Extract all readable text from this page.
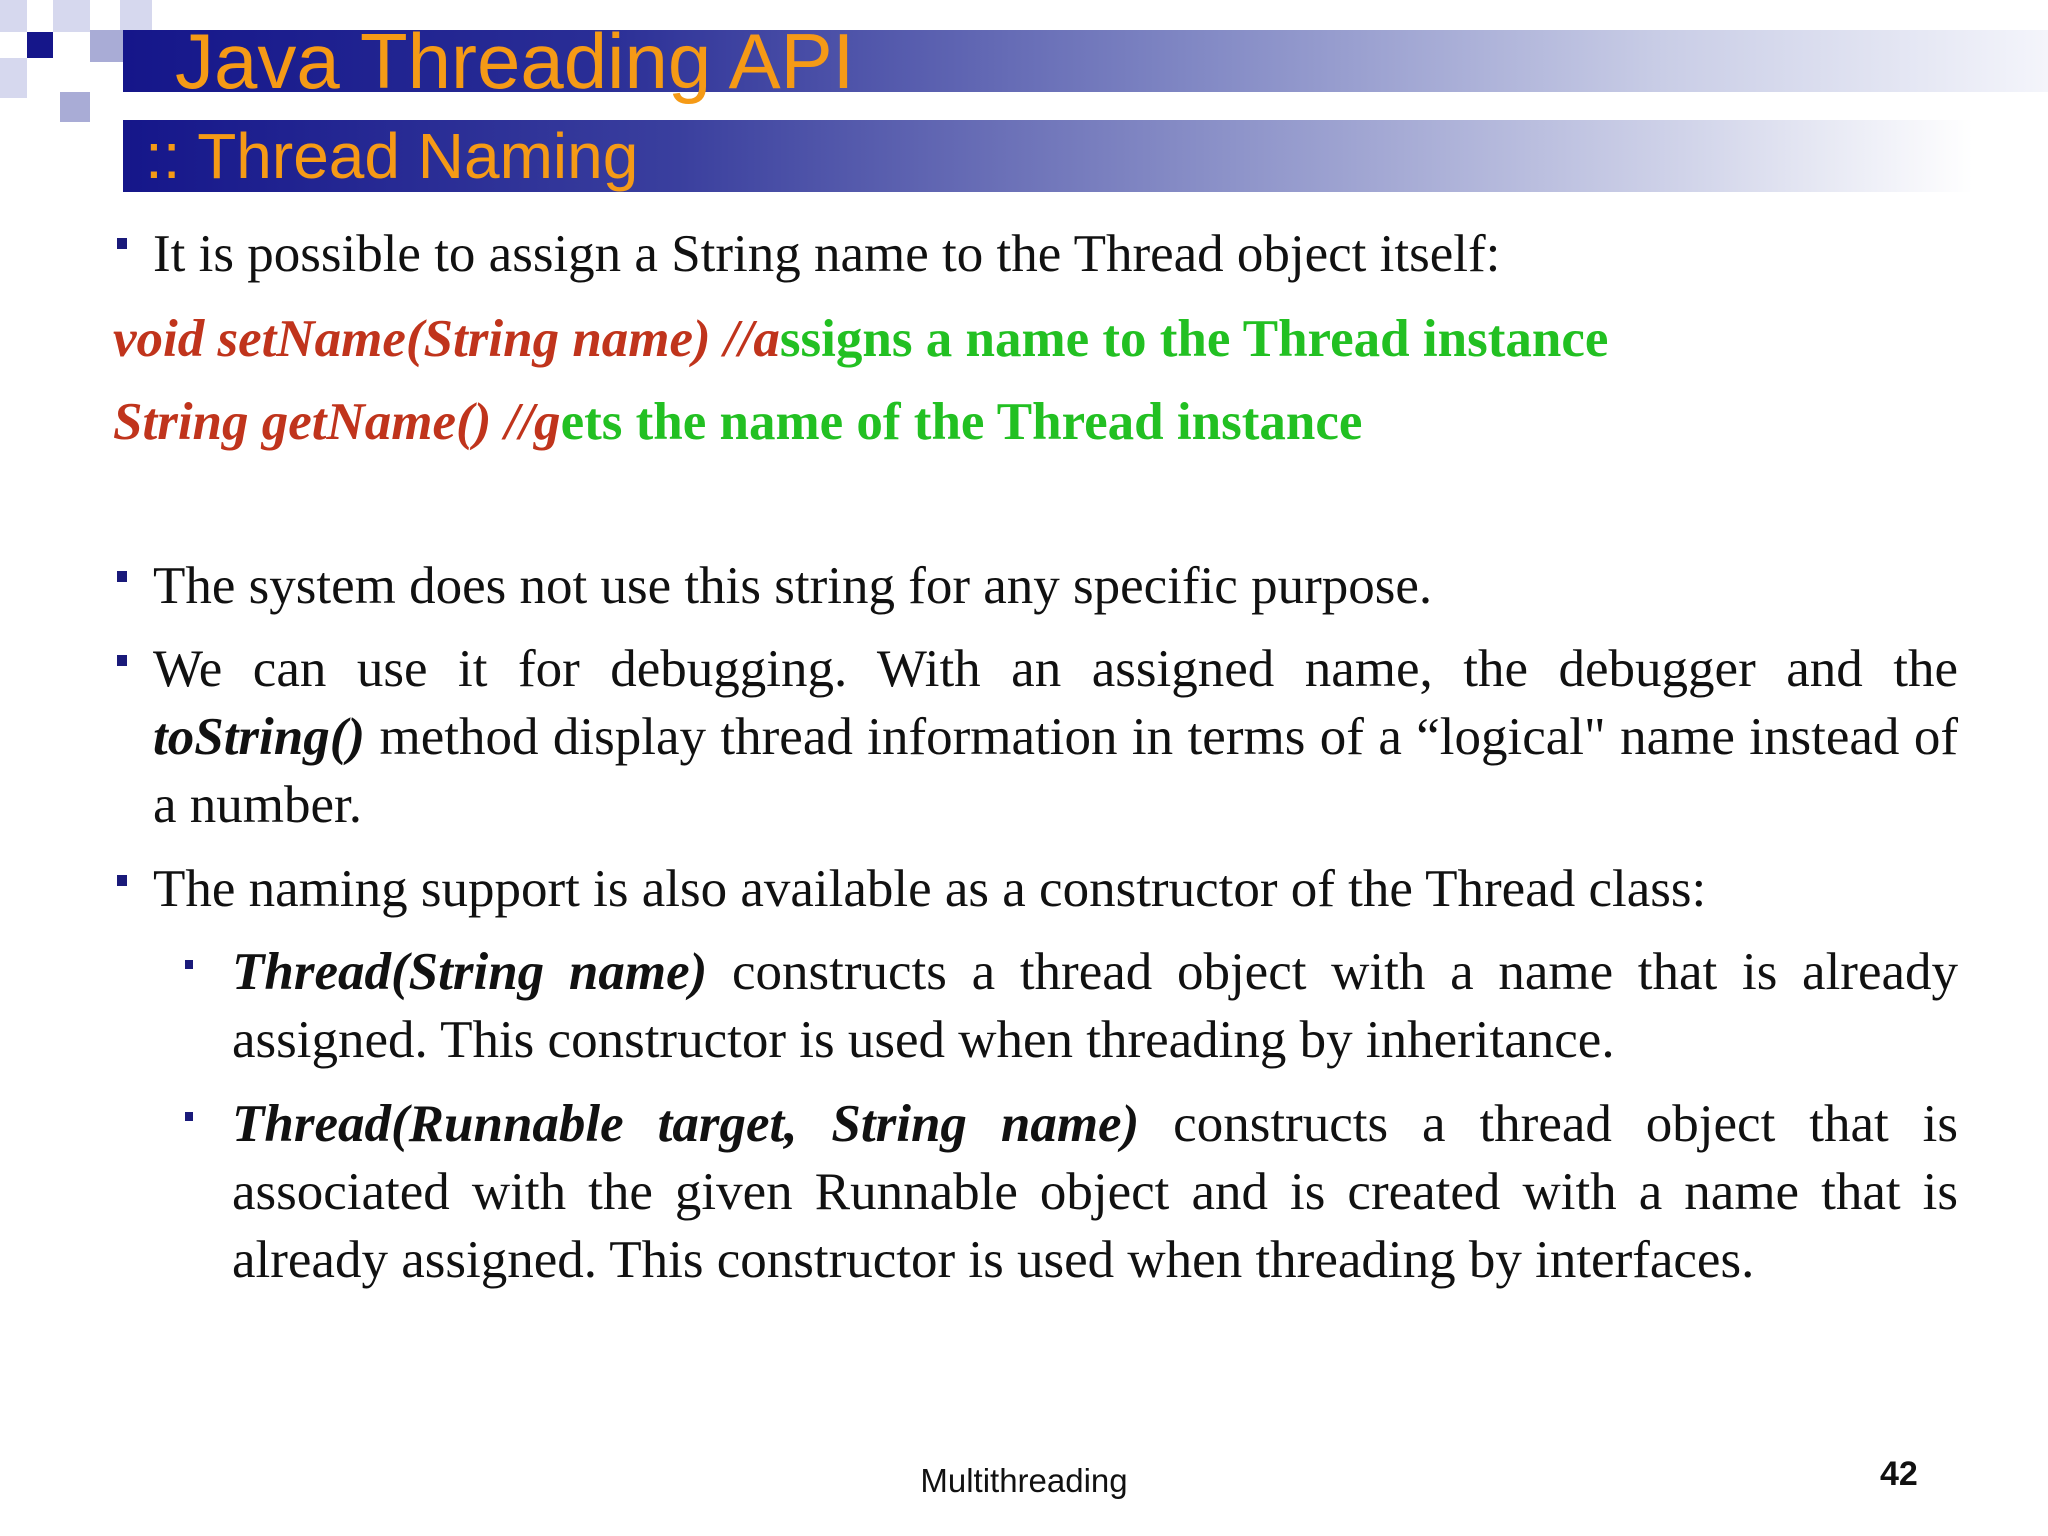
Java Threading API
:: Thread Naming
It is possible to assign a String name to the Thread object itself:
void setName(String name) //assigns a name to the Thread instance
String getName() //gets the name of the Thread instance
The system does not use this string for any specific purpose.
We can use it for debugging. With an assigned name, the debugger and the toString() method display thread information in terms of a “logical" name instead of a number.
The naming support is also available as a constructor of the Thread class:
Thread(String name) constructs a thread object with a name that is already assigned. This constructor is used when threading by inheritance.
Thread(Runnable target, String name) constructs a thread object that is associated with the given Runnable object and is created with a name that is already assigned. This constructor is used when threading by interfaces.
Multithreading	42
